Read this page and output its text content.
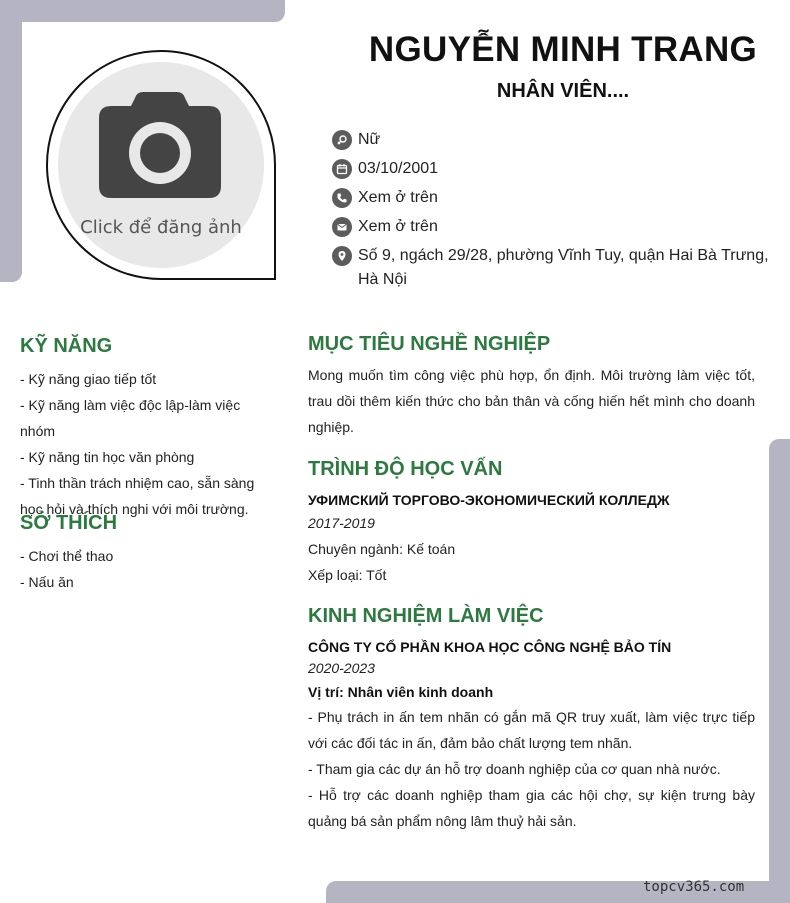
Click để đăng ảnh
NGUYỄN MINH TRANG
NHÂN VIÊN....
Nữ
03/10/2001
Xem ở trên
Xem ở trên
Số 9, ngách 29/28, phường Vĩnh Tuy, quận Hai Bà Trưng, Hà Nội
KỸ NĂNG
- Kỹ năng giao tiếp tốt
- Kỹ năng làm việc độc lập-làm việc nhóm
- Kỹ năng tin học văn phòng
- Tinh thần trách nhiệm cao, sẵn sàng học hỏi và thích nghi với môi trường.
SỞ THÍCH
- Chơi thể thao
- Nấu ăn
MỤC TIÊU NGHỀ NGHIỆP
Mong muốn tìm công việc phù hợp, ổn định. Môi trường làm việc tốt, trau dồi thêm kiến thức cho bản thân và cống hiến hết mình cho doanh nghiệp.
TRÌNH ĐỘ HỌC VẤN
УФИМСКИЙ ТОРГОВО-ЭКОНОМИЧЕСКИЙ КОЛЛЕДЖ
2017-2019
Chuyên ngành: Kế toán
Xếp loại: Tốt
KINH NGHIỆM LÀM VIỆC
CÔNG TY CỔ PHẦN KHOA HỌC CÔNG NGHỆ BẢO TÍN
2020-2023
Vị trí: Nhân viên kinh doanh
- Phụ trách in ấn tem nhãn có gắn mã QR truy xuất, làm việc trực tiếp với các đối tác in ấn, đảm bảo chất lượng tem nhãn.
- Tham gia các dự án hỗ trợ doanh nghiệp của cơ quan nhà nước.
- Hỗ trợ các doanh nghiệp tham gia các hội chợ, sự kiện trưng bày quảng bá sản phẩm nông lâm thuỷ hải sản.
topcv365.com
